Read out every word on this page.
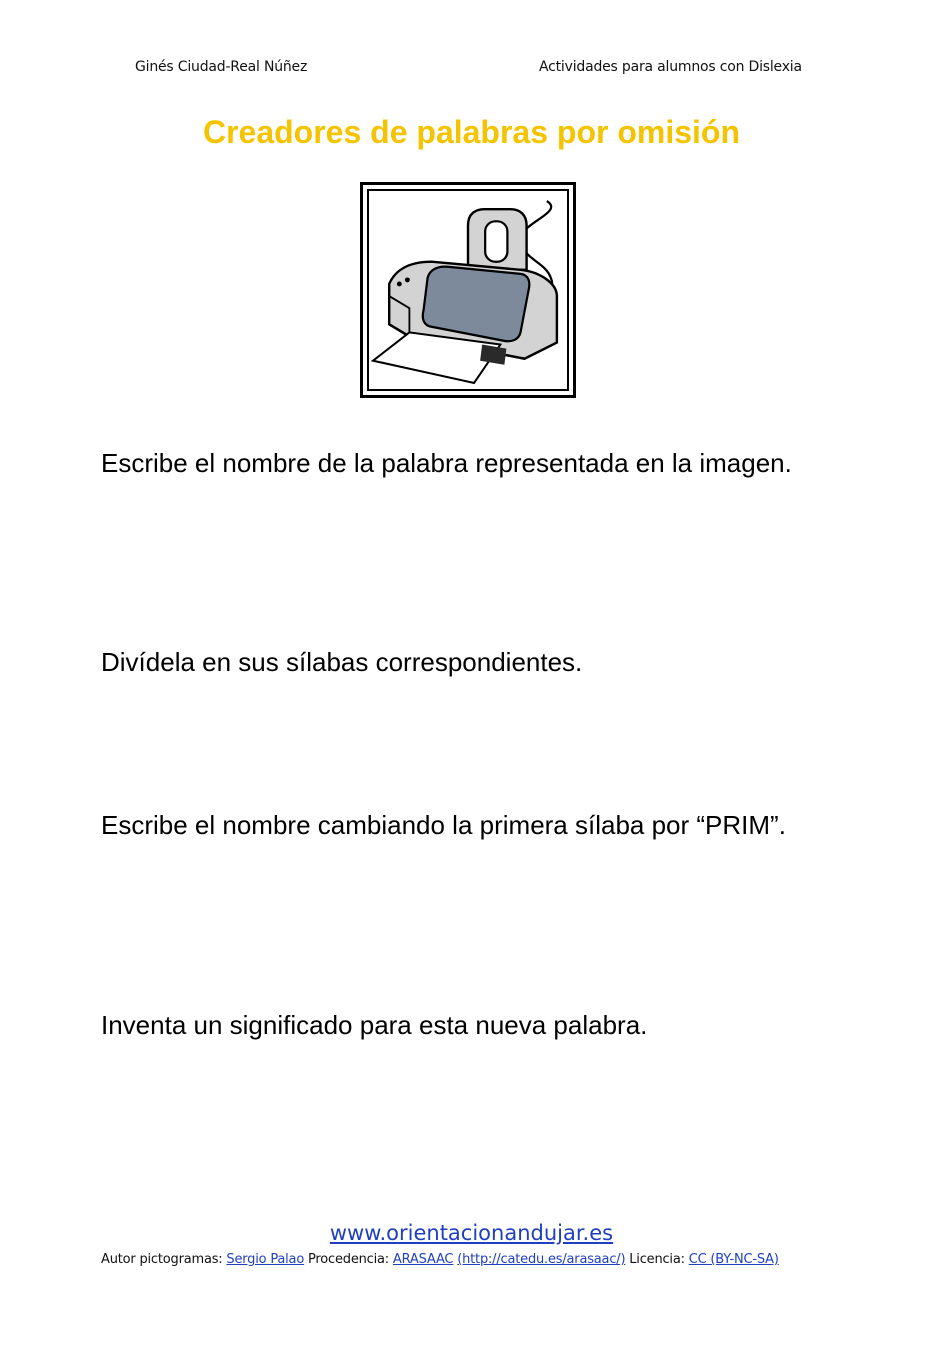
Ginés Ciudad-Real Núñez	Actividades para alumnos con Dislexia
Creadores de palabras por omisión

Escribe el nombre de la palabra representada en la imagen.

Divídela en sus sílabas correspondientes.

Escribe el nombre cambiando la primera sílaba por “PRIM”.

Inventa un significado para esta nueva palabra.

www.orientacionandujar.es
Autor pictogramas: Sergio Palao Procedencia: ARASAAC (http://catedu.es/arasaac/) Licencia: CC (BY-NC-SA)
